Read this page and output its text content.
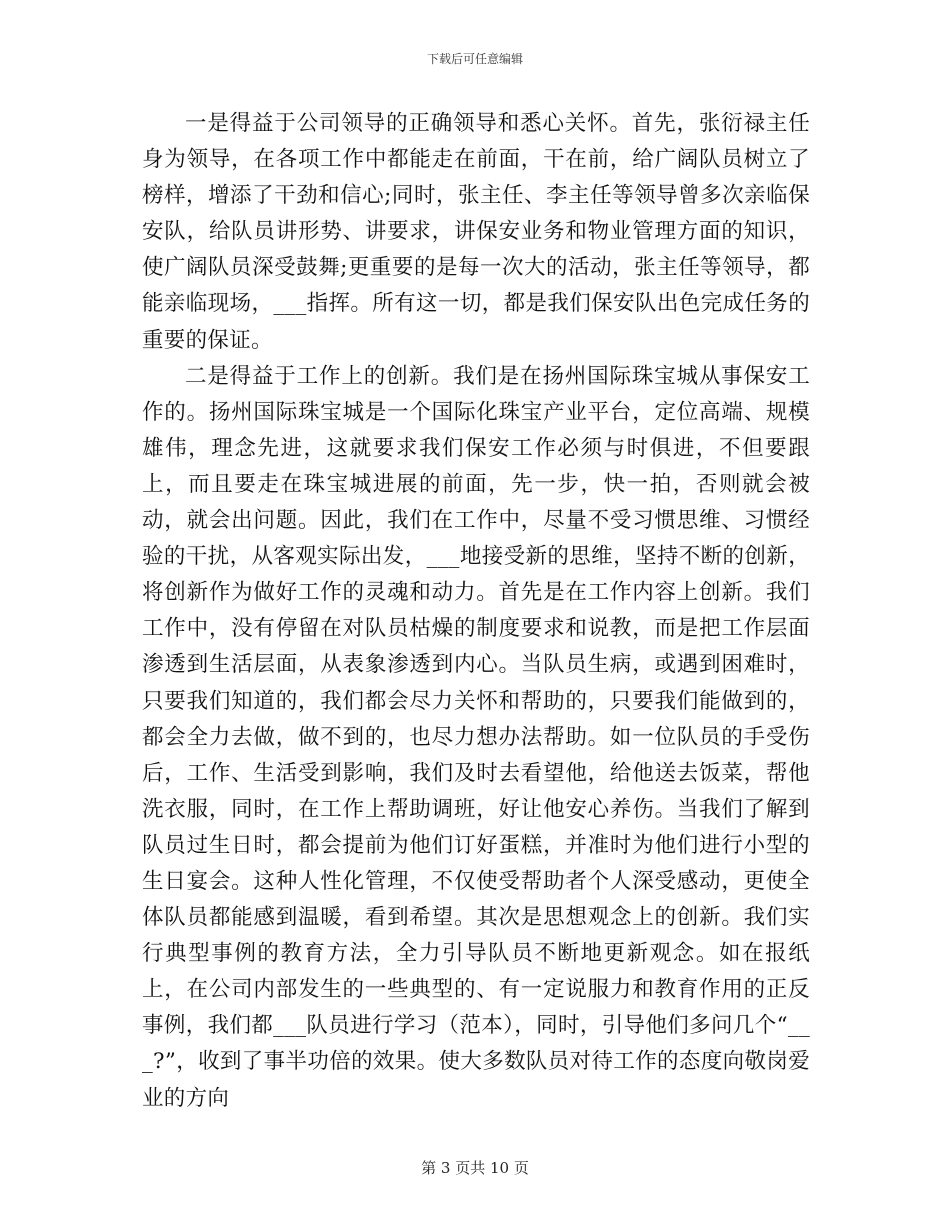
下载后可任意编辑

一是得益于公司领导的正确领导和悉心关怀。首先，张衍禄主任身为领导，在各项工作中都能走在前面，干在前，给广阔队员树立了榜样，增添了干劲和信心;同时，张主任、李主任等领导曾多次亲临保安队，给队员讲形势、讲要求，讲保安业务和物业管理方面的知识，使广阔队员深受鼓舞;更重要的是每一次大的活动，张主任等领导，都能亲临现场，___指挥。所有这一切，都是我们保安队出色完成任务的重要的保证。

二是得益于工作上的创新。我们是在扬州国际珠宝城从事保安工作的。扬州国际珠宝城是一个国际化珠宝产业平台，定位高端、规模雄伟，理念先进，这就要求我们保安工作必须与时俱进，不但要跟上，而且要走在珠宝城进展的前面，先一步，快一拍，否则就会被动，就会出问题。因此，我们在工作中，尽量不受习惯思维、习惯经验的干扰，从客观实际出发，___地接受新的思维，坚持不断的创新，将创新作为做好工作的灵魂和动力。首先是在工作内容上创新。我们工作中，没有停留在对队员枯燥的制度要求和说教，而是把工作层面渗透到生活层面，从表象渗透到内心。当队员生病，或遇到困难时，只要我们知道的，我们都会尽力关怀和帮助的，只要我们能做到的，都会全力去做，做不到的，也尽力想办法帮助。如一位队员的手受伤后，工作、生活受到影响，我们及时去看望他，给他送去饭菜，帮他洗衣服，同时，在工作上帮助调班，好让他安心养伤。当我们了解到队员过生日时，都会提前为他们订好蛋糕，并准时为他们进行小型的生日宴会。这种人性化管理，不仅使受帮助者个人深受感动，更使全体队员都能感到温暖，看到希望。其次是思想观念上的创新。我们实行典型事例的教育方法，全力引导队员不断地更新观念。如在报纸上，在公司内部发生的一些典型的、有一定说服力和教育作用的正反事例，我们都___队员进行学习（范本），同时，引导他们多问几个“___?”，收到了事半功倍的效果。使大多数队员对待工作的态度向敬岗爱业的方向

第 3 页共 10 页
